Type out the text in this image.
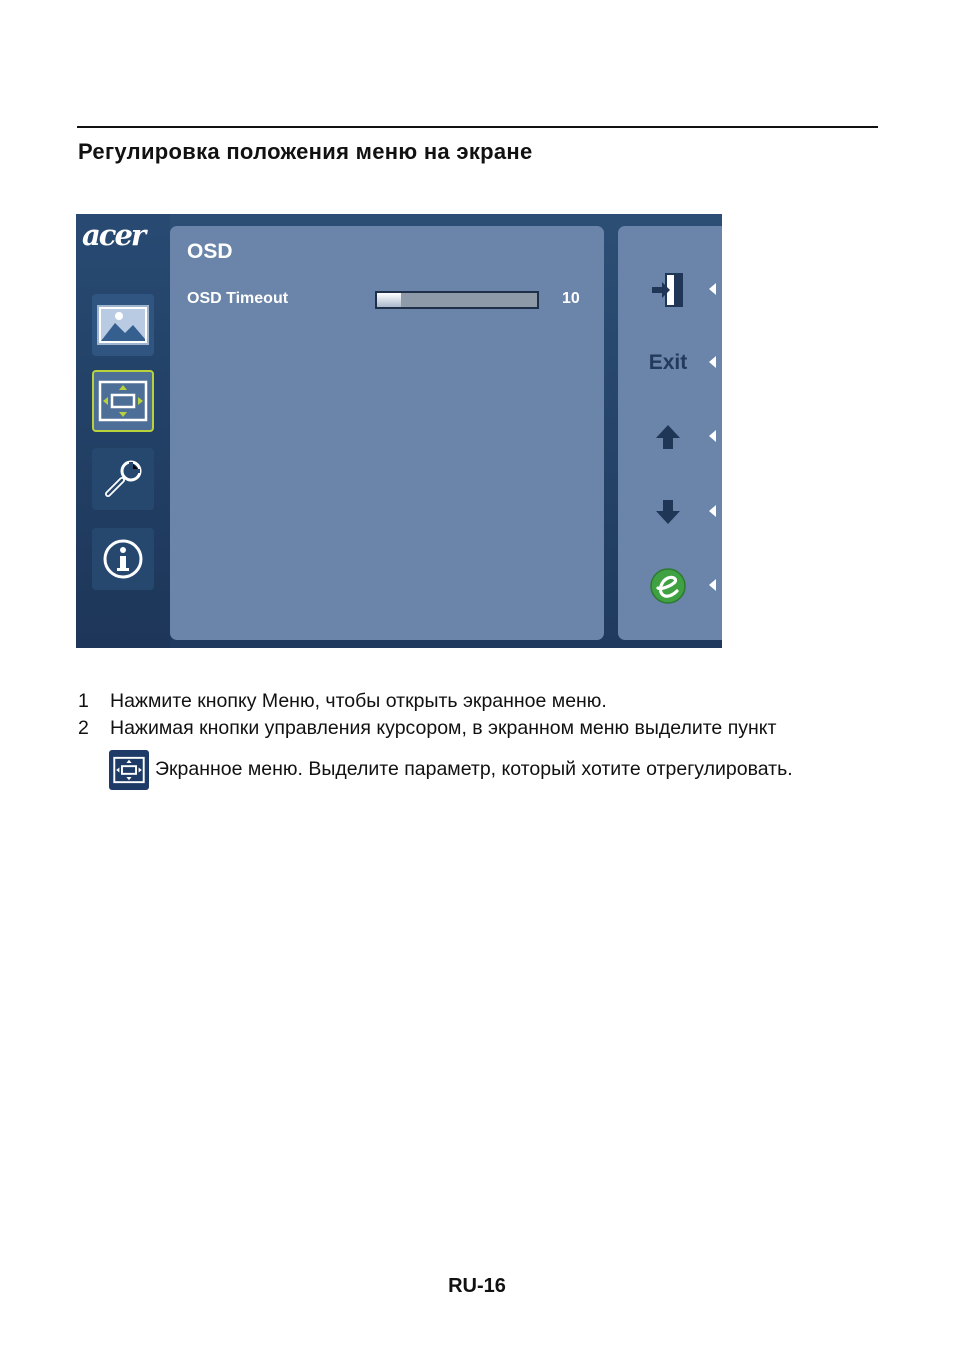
Регулировка положения меню на экране
acer OSD
OSD Timeout	10
Exit
1 Нажмите кнопку Меню, чтобы открыть экранное меню.
2 Нажимая кнопки управления курсором, в экранном меню выделите пункт
Экранное меню. Выделите параметр, который хотите отрегулировать.
RU-16
